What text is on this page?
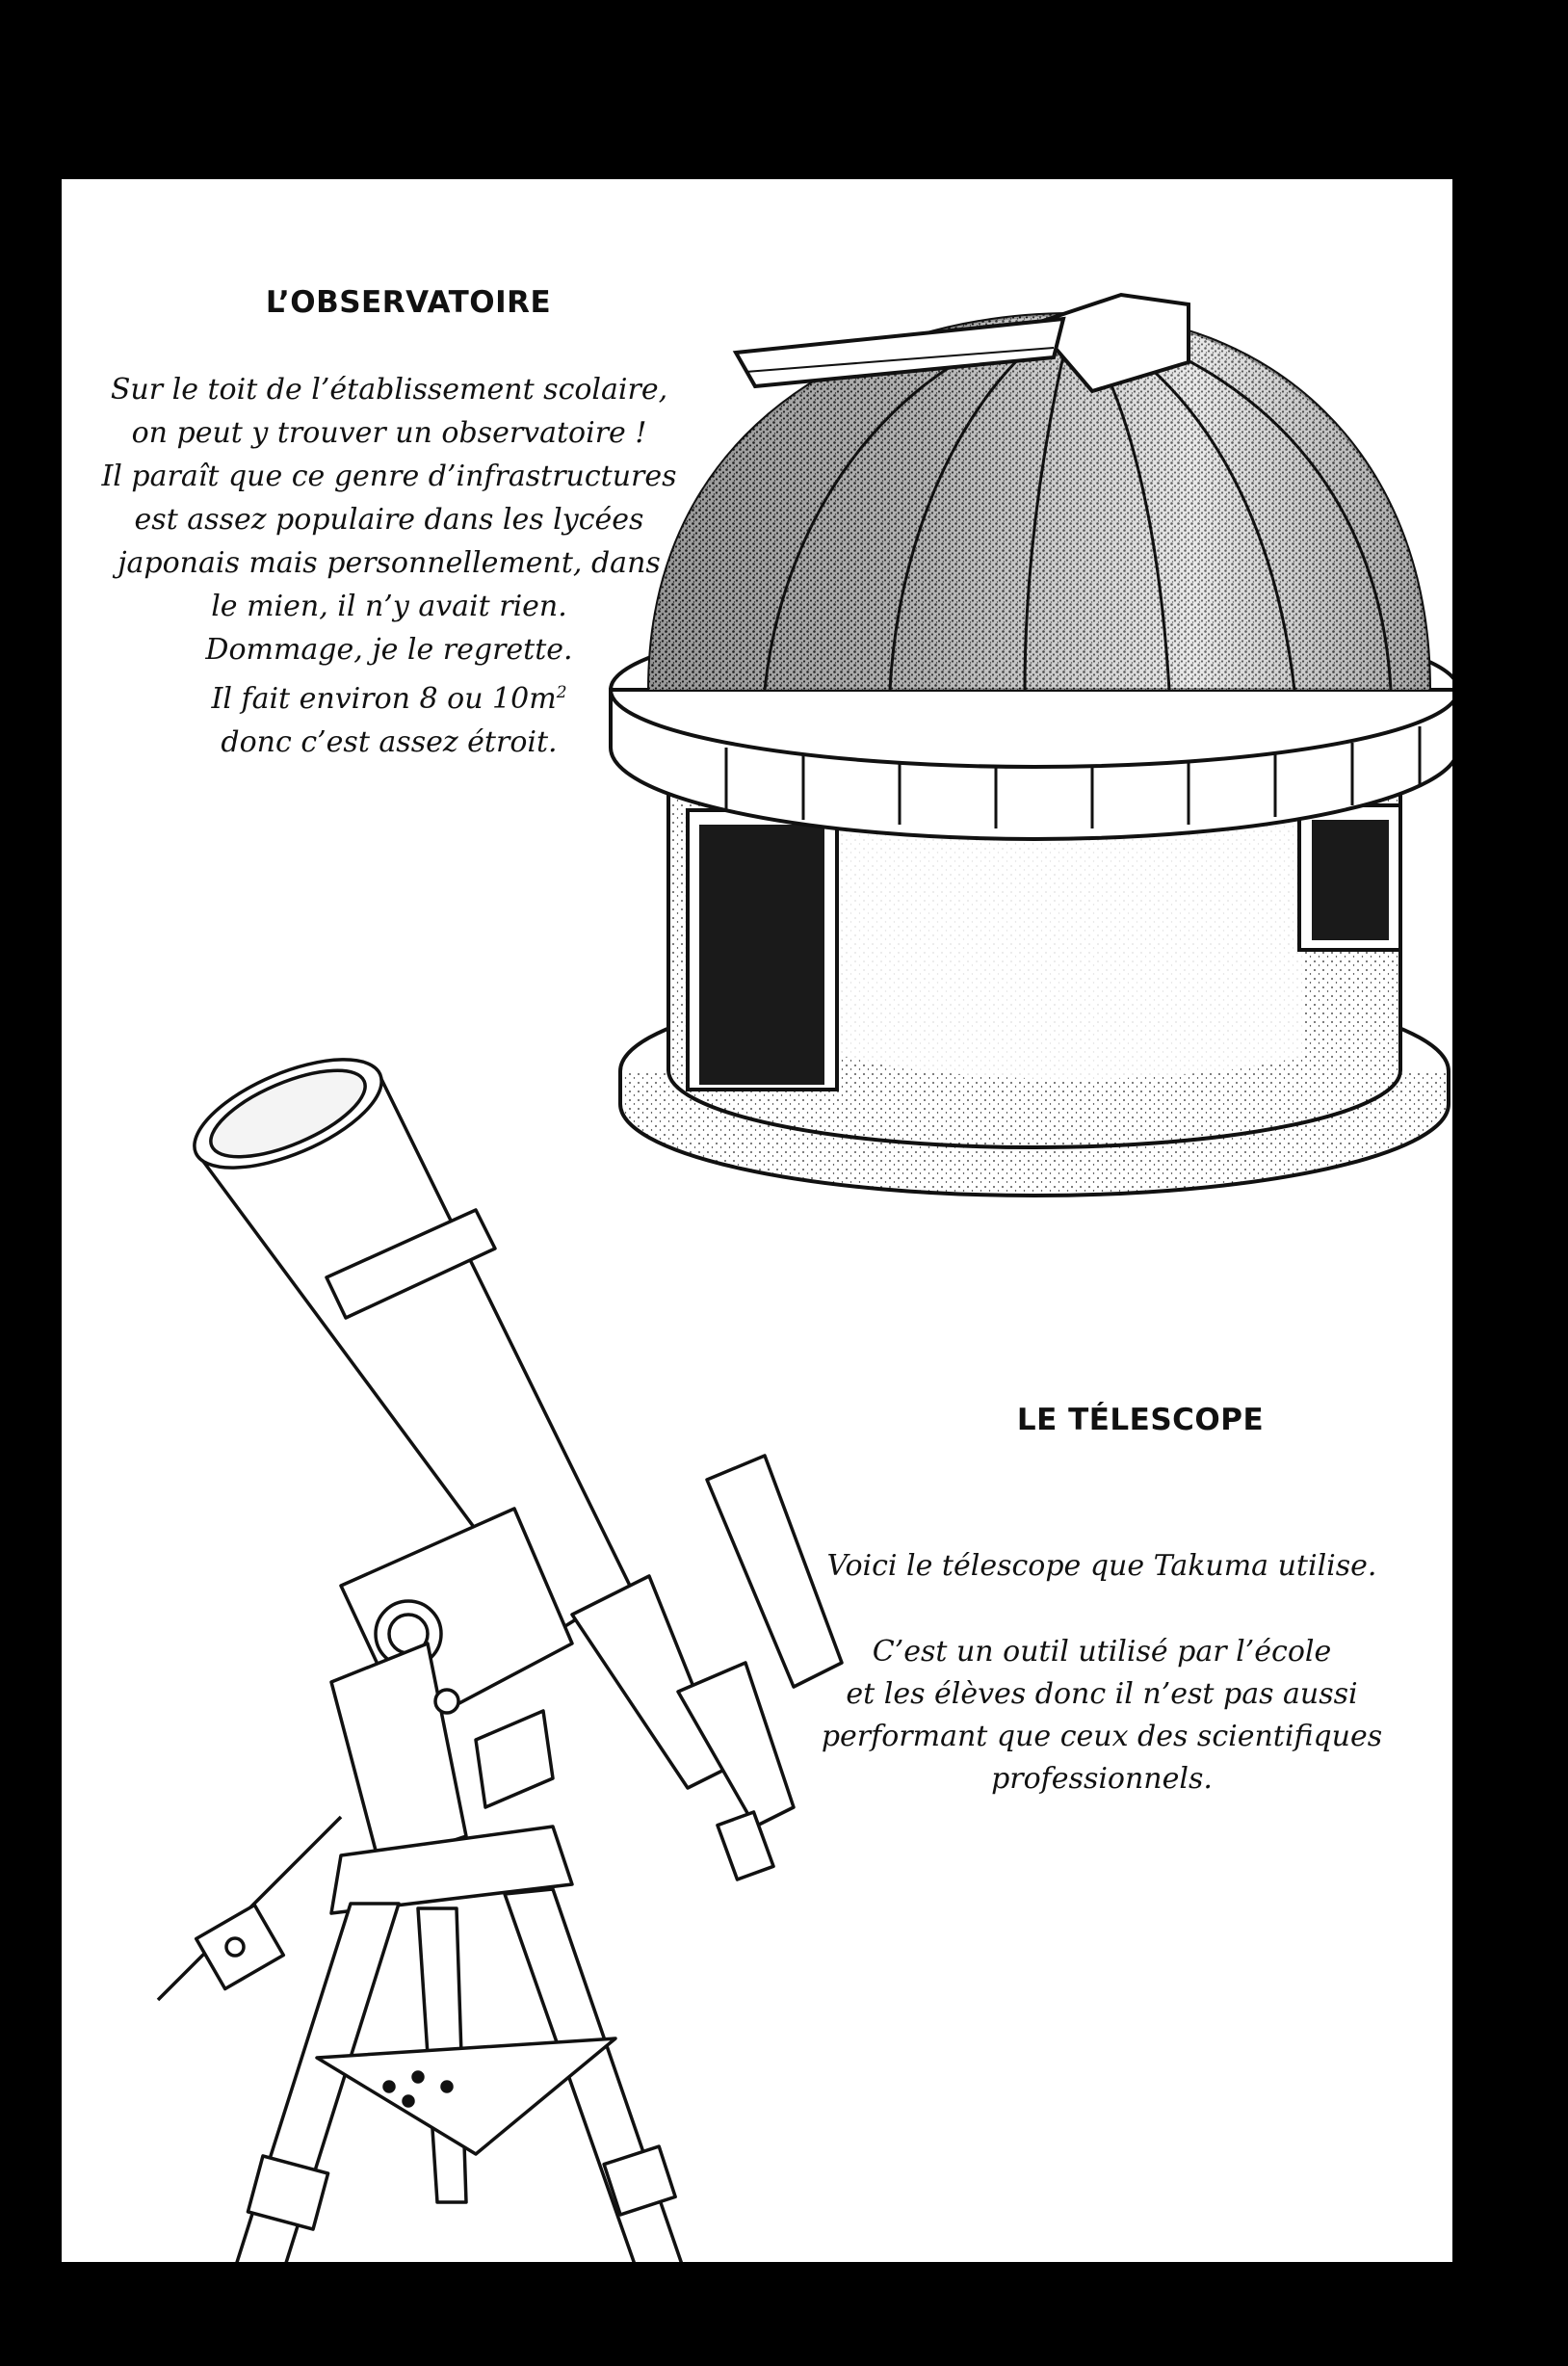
L’OBSERVATOIRE
Sur le toit de l’établissement scolaire,
on peut y trouver un observatoire !
Il paraît que ce genre d’infrastructures
est assez populaire dans les lycées
japonais mais personnellement, dans
le mien, il n’y avait rien.
Dommage, je le regrette.
Il fait environ 8 ou $10m^2$
donc c’est assez étroit.
LE TÉLESCOPE

Voici le télescope que Takuma utilise.

C’est un outil utilisé par l’école
et les élèves donc il n’est pas aussi
performant que ceux des scientifiques
professionnels.
